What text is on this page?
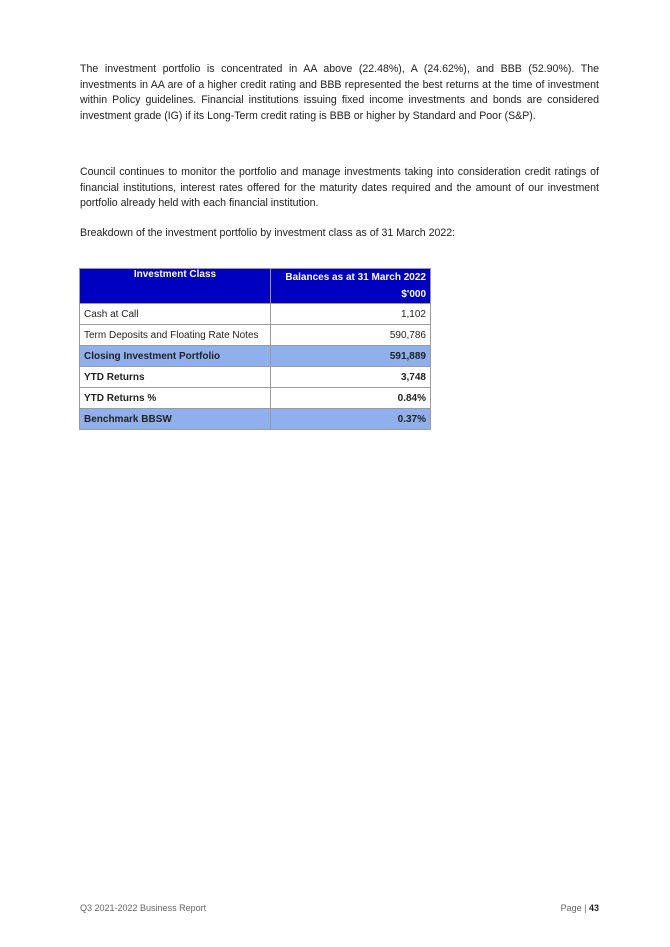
The investment portfolio is concentrated in AA above (22.48%), A (24.62%), and BBB (52.90%). The investments in AA are of a higher credit rating and BBB represented the best returns at the time of investment within Policy guidelines. Financial institutions issuing fixed income investments and bonds are considered investment grade (IG) if its Long-Term credit rating is BBB or higher by Standard and Poor (S&P).

Council continues to monitor the portfolio and manage investments taking into consideration credit ratings of financial institutions, interest rates offered for the maturity dates required and the amount of our investment portfolio already held with each financial institution.

Breakdown of the investment portfolio by investment class as of 31 March 2022:

Investment Class	Balances as at 31 March 2022
$'000

Cash at Call	1,102
Term Deposits and Floating Rate Notes	590,786
Closing Investment Portfolio	591,889
YTD Returns	3,748
YTD Returns %	0.84%
Benchmark BBSW	0.37%
Q3 2021-2022 Business Report	Page | 43
